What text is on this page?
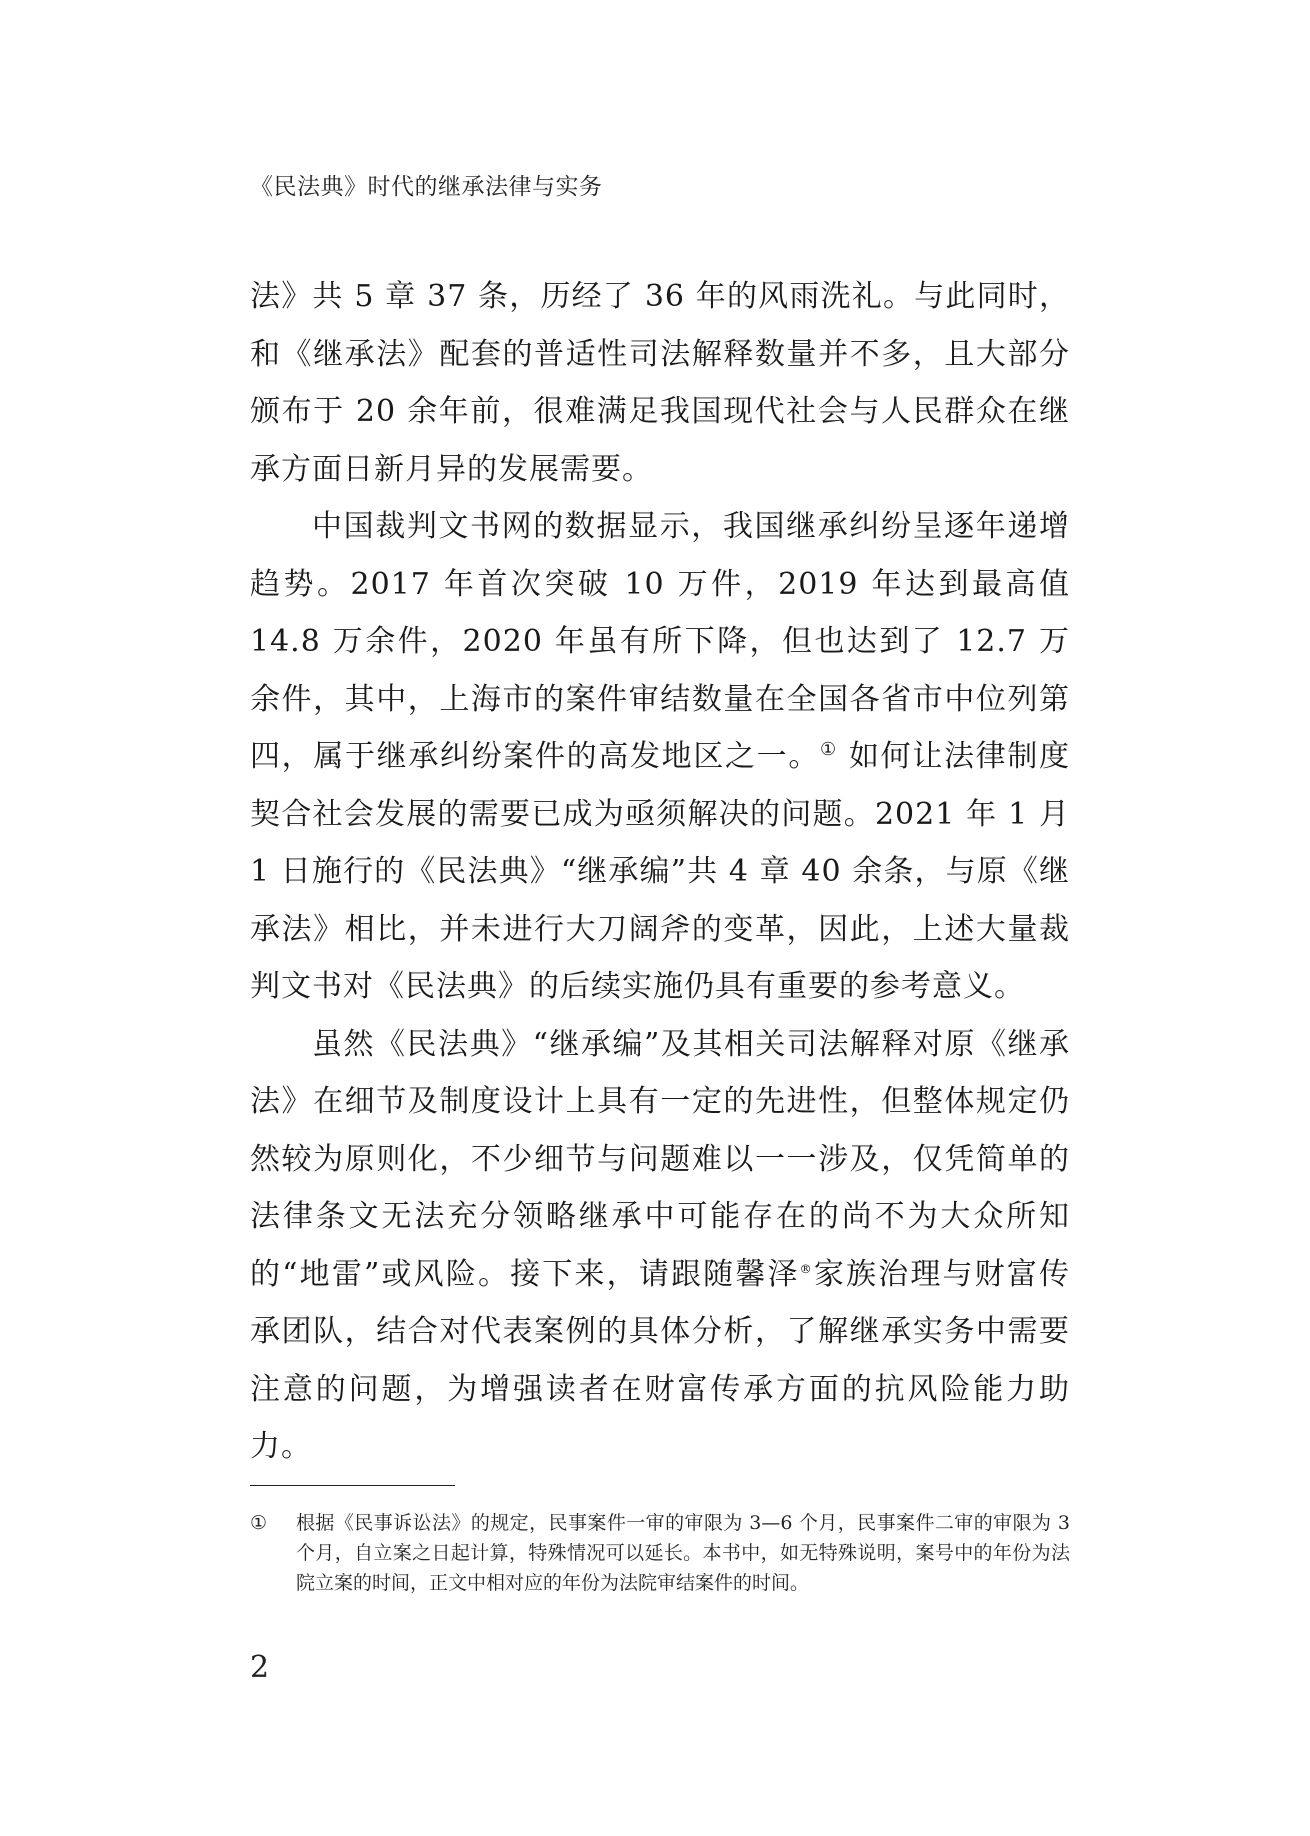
《民法典》时代的继承法律与实务

法》共 5 章 37 条，历经了 36 年的风雨洗礼。与此同时，和《继承法》配套的普适性司法解释数量并不多，且大部分颁布于 20 余年前，很难满足我国现代社会与人民群众在继承方面日新月异的发展需要。

中国裁判文书网的数据显示，我国继承纠纷呈逐年递增趋势。2017 年首次突破 10 万件，2019 年达到最高值 14.8 万余件，2020 年虽有所下降，但也达到了 12.7 万余件，其中，上海市的案件审结数量在全国各省市中位列第四，属于继承纠纷案件的高发地区之一。① 如何让法律制度契合社会发展的需要已成为亟须解决的问题。2021 年 1 月 1 日施行的《民法典》“继承编”共 4 章 40 余条，与原《继承法》相比，并未进行大刀阔斧的变革，因此，上述大量裁判文书对《民法典》的后续实施仍具有重要的参考意义。

虽然《民法典》“继承编”及其相关司法解释对原《继承法》在细节及制度设计上具有一定的先进性，但整体规定仍然较为原则化，不少细节与问题难以一一涉及，仅凭简单的法律条文无法充分领略继承中可能存在的尚不为大众所知的“地雷”或风险。接下来，请跟随馨泽®家族治理与财富传承团队，结合对代表案例的具体分析，了解继承实务中需要注意的问题，为增强读者在财富传承方面的抗风险能力助力。

① 根据《民事诉讼法》的规定，民事案件一审的审限为 3—6 个月，民事案件二审的审限为 3 个月，自立案之日起计算，特殊情况可以延长。本书中，如无特殊说明，案号中的年份为法院立案的时间，正文中相对应的年份为法院审结案件的时间。
2
